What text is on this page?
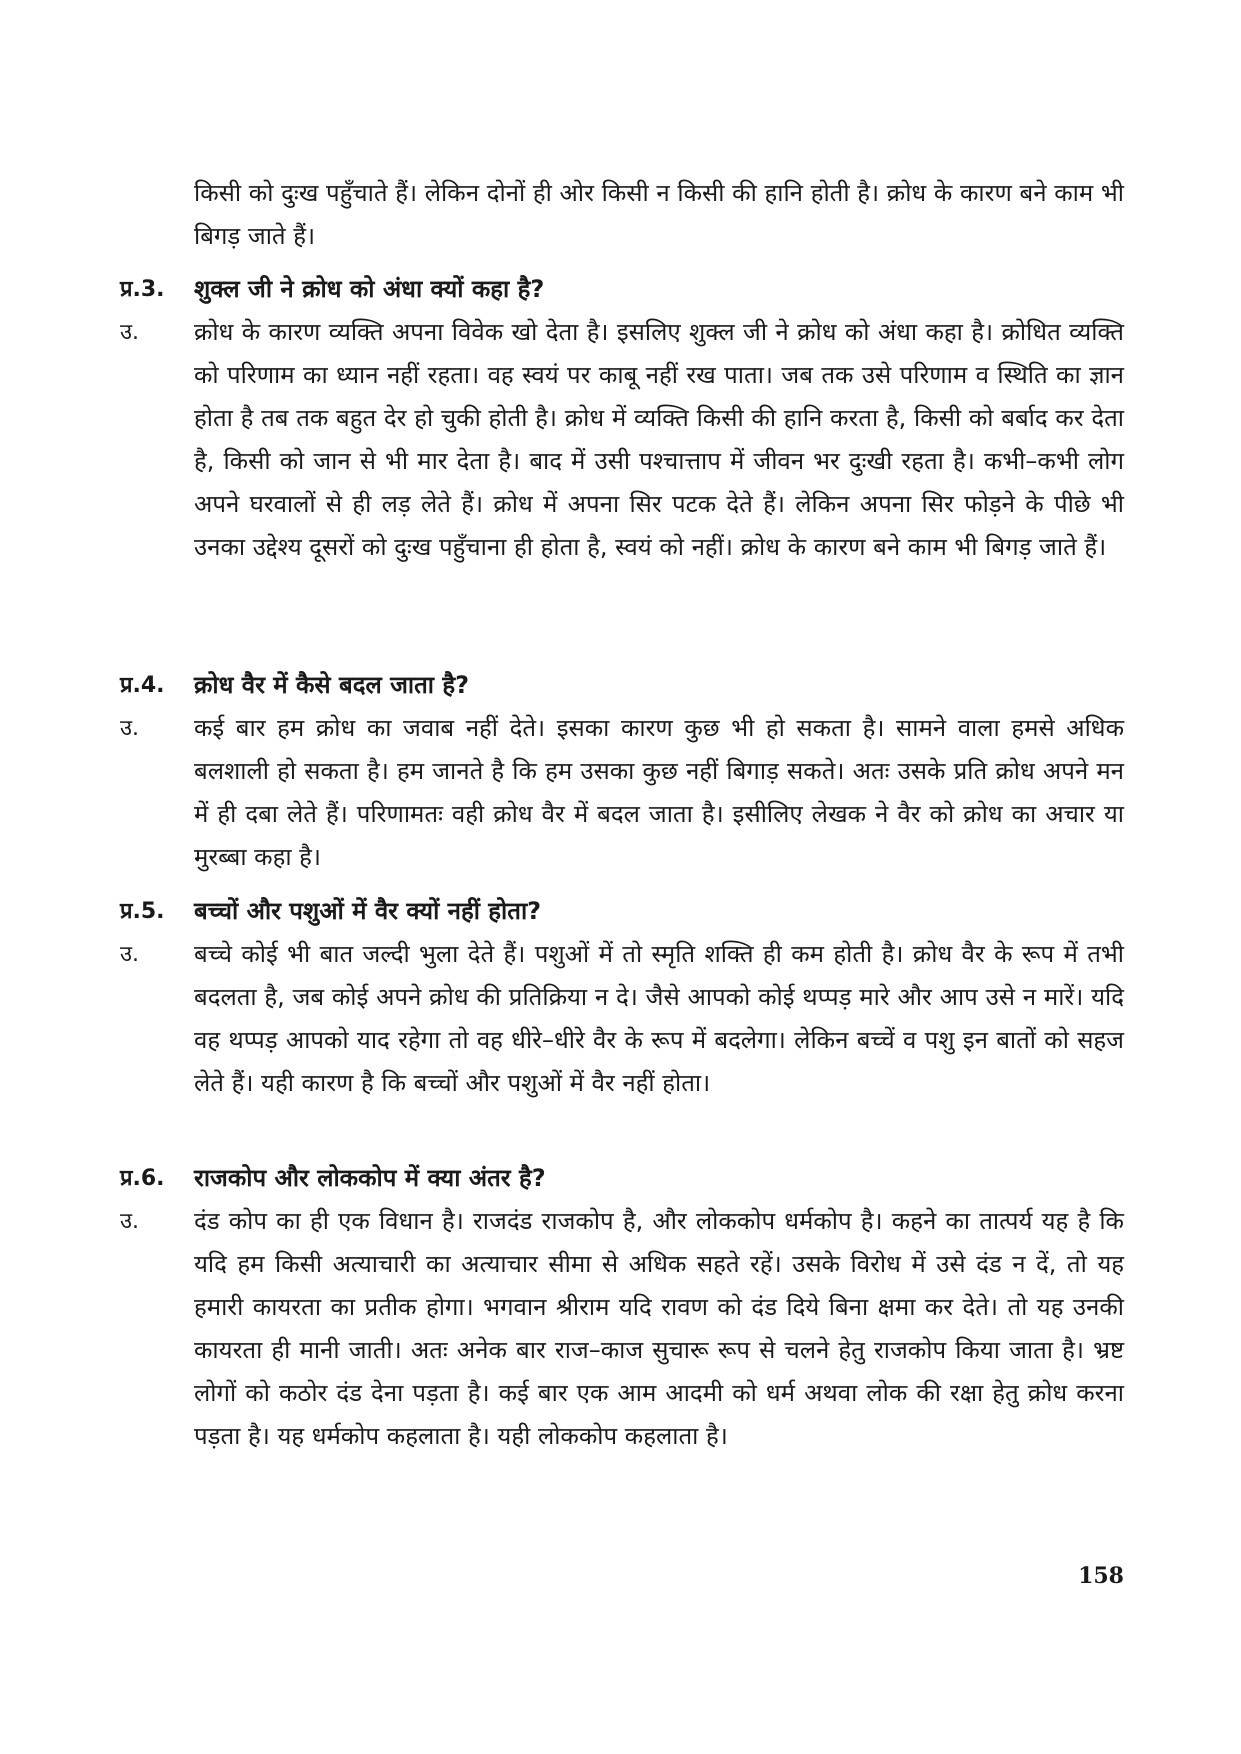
किसी को दुःख पहुँचाते हैं। लेकिन दोनों ही ओर किसी न किसी की हानि होती है। क्रोध के कारण बने काम भी बिगड़ जाते हैं।

प्र.3.	शुक्ल जी ने क्रोध को अंधा क्यों कहा है?
उ.	क्रोध के कारण व्यक्ति अपना विवेक खो देता है। इसलिए शुक्ल जी ने क्रोध को अंधा कहा है। क्रोधित व्यक्ति को परिणाम का ध्यान नहीं रहता। वह स्वयं पर काबू नहीं रख पाता। जब तक उसे परिणाम व स्थिति का ज्ञान होता है तब तक बहुत देर हो चुकी होती है। क्रोध में व्यक्ति किसी की हानि करता है, किसी को बर्बाद कर देता है, किसी को जान से भी मार देता है। बाद में उसी पश्चात्ताप में जीवन भर दुःखी रहता है। कभी–कभी लोग अपने घरवालों से ही लड़ लेते हैं। क्रोध में अपना सिर पटक देते हैं। लेकिन अपना सिर फोड़ने के पीछे भी उनका उद्देश्य दूसरों को दुःख पहुँचाना ही होता है, स्वयं को नहीं। क्रोध के कारण बने काम भी बिगड़ जाते हैं।
प्र.4.	क्रोध वैर में कैसे बदल जाता है?
उ.	कई बार हम क्रोध का जवाब नहीं देते। इसका कारण कुछ भी हो सकता है। सामने वाला हमसे अधिक बलशाली हो सकता है। हम जानते है कि हम उसका कुछ नहीं बिगाड़ सकते। अतः उसके प्रति क्रोध अपने मन में ही दबा लेते हैं। परिणामतः वही क्रोध वैर में बदल जाता है। इसीलिए लेखक ने वैर को क्रोध का अचार या मुरब्बा कहा है।
प्र.5.	बच्चों और पशुओं में वैर क्यों नहीं होता?
उ.	बच्चे कोई भी बात जल्दी भुला देते हैं। पशुओं में तो स्मृति शक्ति ही कम होती है। क्रोध वैर के रूप में तभी बदलता है, जब कोई अपने क्रोध की प्रतिक्रिया न दे। जैसे आपको कोई थप्पड़ मारे और आप उसे न मारें। यदि वह थप्पड़ आपको याद रहेगा तो वह धीरे–धीरे वैर के रूप में बदलेगा। लेकिन बच्चें व पशु इन बातों को सहज लेते हैं। यही कारण है कि बच्चों और पशुओं में वैर नहीं होता।
प्र.6.	राजकोप और लोककोप में क्या अंतर है?
उ.	दंड कोप का ही एक विधान है। राजदंड राजकोप है, और लोककोप धर्मकोप है। कहने का तात्पर्य यह है कि यदि हम किसी अत्याचारी का अत्याचार सीमा से अधिक सहते रहें। उसके विरोध में उसे दंड न दें, तो यह हमारी कायरता का प्रतीक होगा। भगवान श्रीराम यदि रावण को दंड दिये बिना क्षमा कर देते। तो यह उनकी कायरता ही मानी जाती। अतः अनेक बार राज–काज सुचारू रूप से चलने हेतु राजकोप किया जाता है। भ्रष्ट लोगों को कठोर दंड देना पड़ता है। कई बार एक आम आदमी को धर्म अथवा लोक की रक्षा हेतु क्रोध करना पड़ता है। यह धर्मकोप कहलाता है। यही लोककोप कहलाता है।
158
